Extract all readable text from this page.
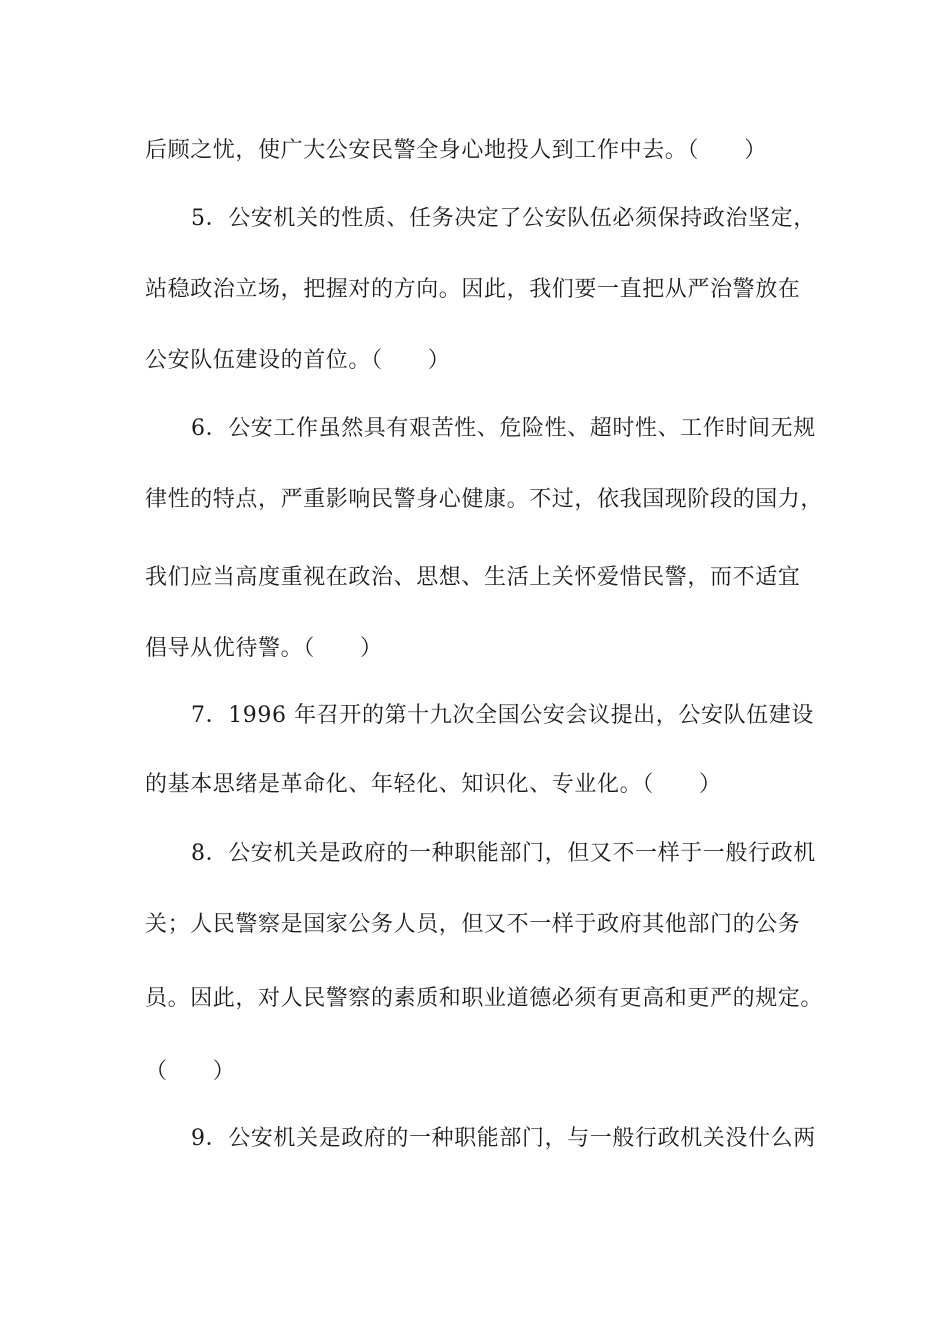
后顾之忧，使广大公安民警全身心地投人到工作中去。（　　）
5．公安机关的性质、任务决定了公安队伍必须保持政治坚定，
站稳政治立场，把握对的方向。因此，我们要一直把从严治警放在
公安队伍建设的首位。（　　）
6．公安工作虽然具有艰苦性、危险性、超时性、工作时间无规
律性的特点，严重影响民警身心健康。不过，依我国现阶段的国力，
我们应当高度重视在政治、思想、生活上关怀爱惜民警，而不适宜
倡导从优待警。（　　）
7．1996 年召开的第十九次全国公安会议提出，公安队伍建设
的基本思绪是革命化、年轻化、知识化、专业化。（　　）
8．公安机关是政府的一种职能部门，但又不一样于一般行政机
关；人民警察是国家公务人员，但又不一样于政府其他部门的公务
员。因此，对人民警察的素质和职业道德必须有更高和更严的规定。
（　　）
9．公安机关是政府的一种职能部门，与一般行政机关没什么两
